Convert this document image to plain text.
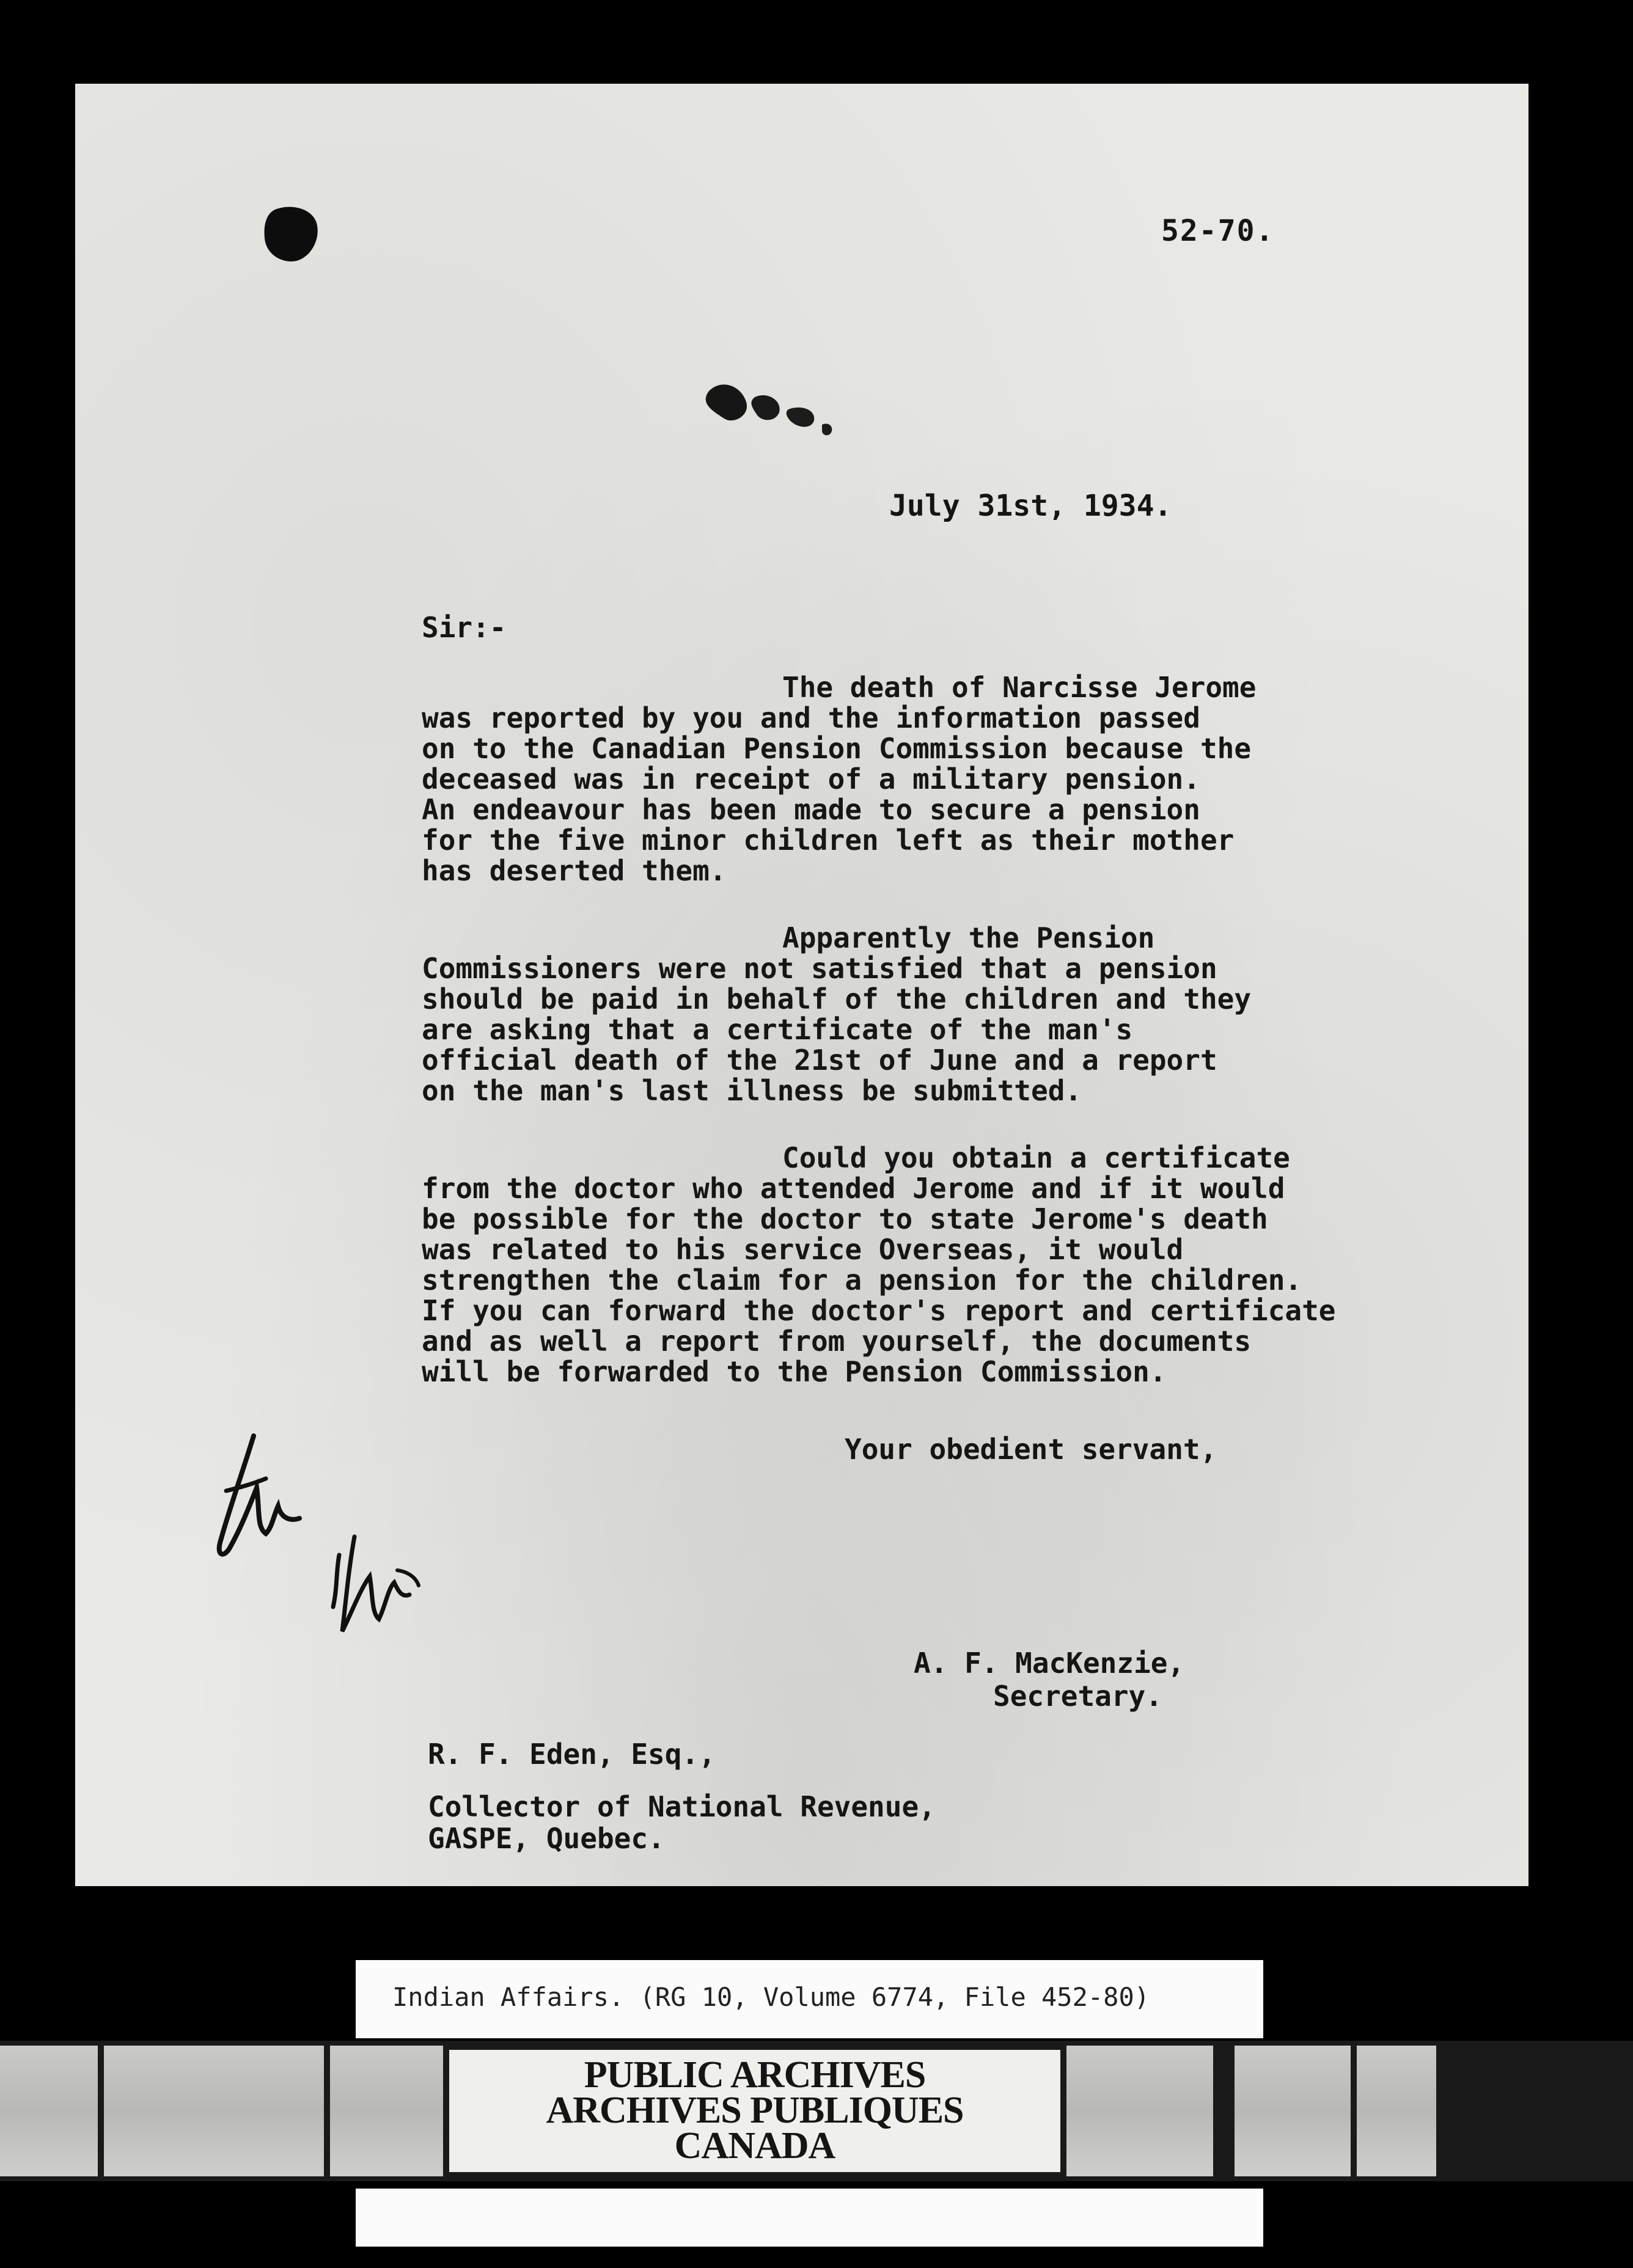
52-70.
July 31st, 1934.
Sir:-
The death of Narcisse Jerome
was reported by you and the information passed
on to the Canadian Pension Commission because the
deceased was in receipt of a military pension.
An endeavour has been made to secure a pension
for the five minor children left as their mother
has deserted them.
Apparently the Pension
Commissioners were not satisfied that a pension
should be paid in behalf of the children and they
are asking that a certificate of the man's
official death of the 21st of June and a report
on the man's last illness be submitted.
Could you obtain a certificate
from the doctor who attended Jerome and if it would
be possible for the doctor to state Jerome's death
was related to his service Overseas, it would
strengthen the claim for a pension for the children.
If you can forward the doctor's report and certificate
and as well a report from yourself, the documents
will be forwarded to the Pension Commission.
Your obedient servant,
A. F. MacKenzie,
Secretary.
R. F. Eden, Esq.,
Collector of National Revenue,
GASPE, Quebec.
Indian Affairs. (RG 10, Volume 6774, File 452-80)
PUBLIC ARCHIVES
ARCHIVES PUBLIQUES
CANADA
